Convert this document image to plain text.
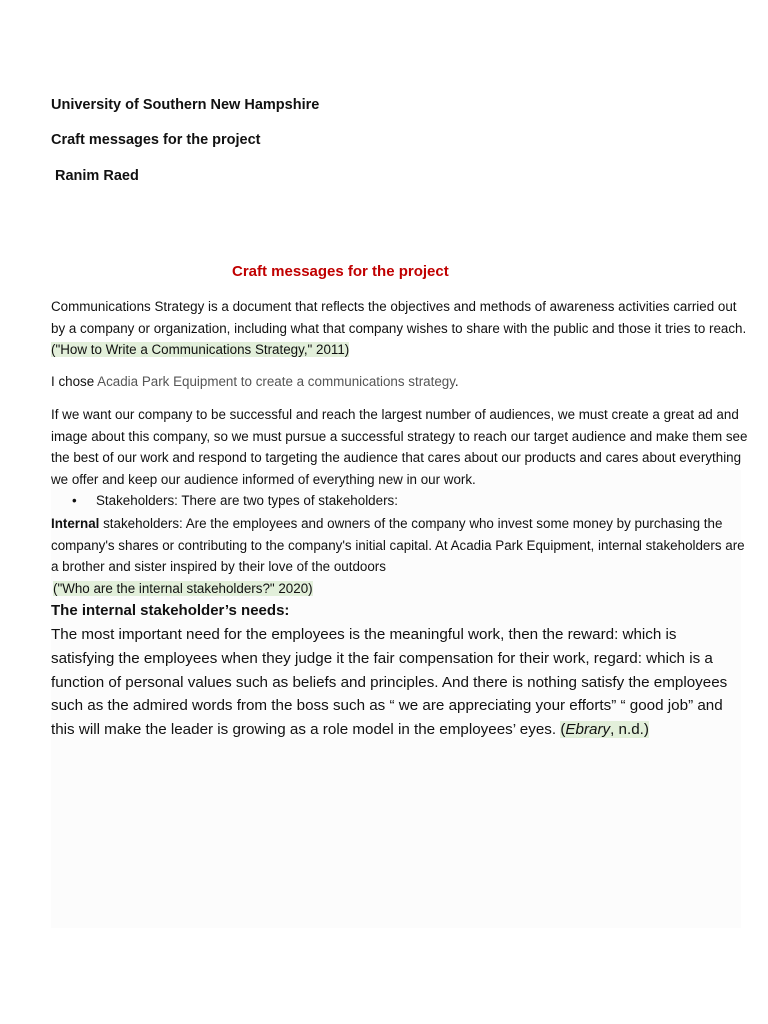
University of Southern New Hampshire
Craft messages for the project
Ranim Raed
Craft messages for the project

Communications Strategy is a document that reflects the objectives and methods of awareness activities carried out by a company or organization, including what that company wishes to share with the public and those it tries to reach. ("How to Write a Communications Strategy," 2011)

I chose Acadia Park Equipment to create a communications strategy.

If we want our company to be successful and reach the largest number of audiences, we must create a great ad and image about this company, so we must pursue a successful strategy to reach our target audience and make them see the best of our work and respond to targeting the audience that cares about our products and cares about everything we offer and keep our audience informed of everything new in our work.

• Stakeholders: There are two types of stakeholders:

Internal stakeholders: Are the employees and owners of the company who invest some money by purchasing the company's shares or contributing to the company's initial capital. At Acadia Park Equipment, internal stakeholders are a brother and sister inspired by their love of the outdoors

("Who are the internal stakeholders?" 2020)
The internal stakeholder’s needs:

The most important need for the employees is the meaningful work, then the reward: which is satisfying the employees when they judge it the fair compensation for their work, regard: which is a function of personal values such as beliefs and principles. And there is nothing satisfy the employees such as the admired words from the boss such as “ we are appreciating your efforts” “ good job” and this will make the leader is growing as a role model in the employees’ eyes. (Ebrary, n.d.)
